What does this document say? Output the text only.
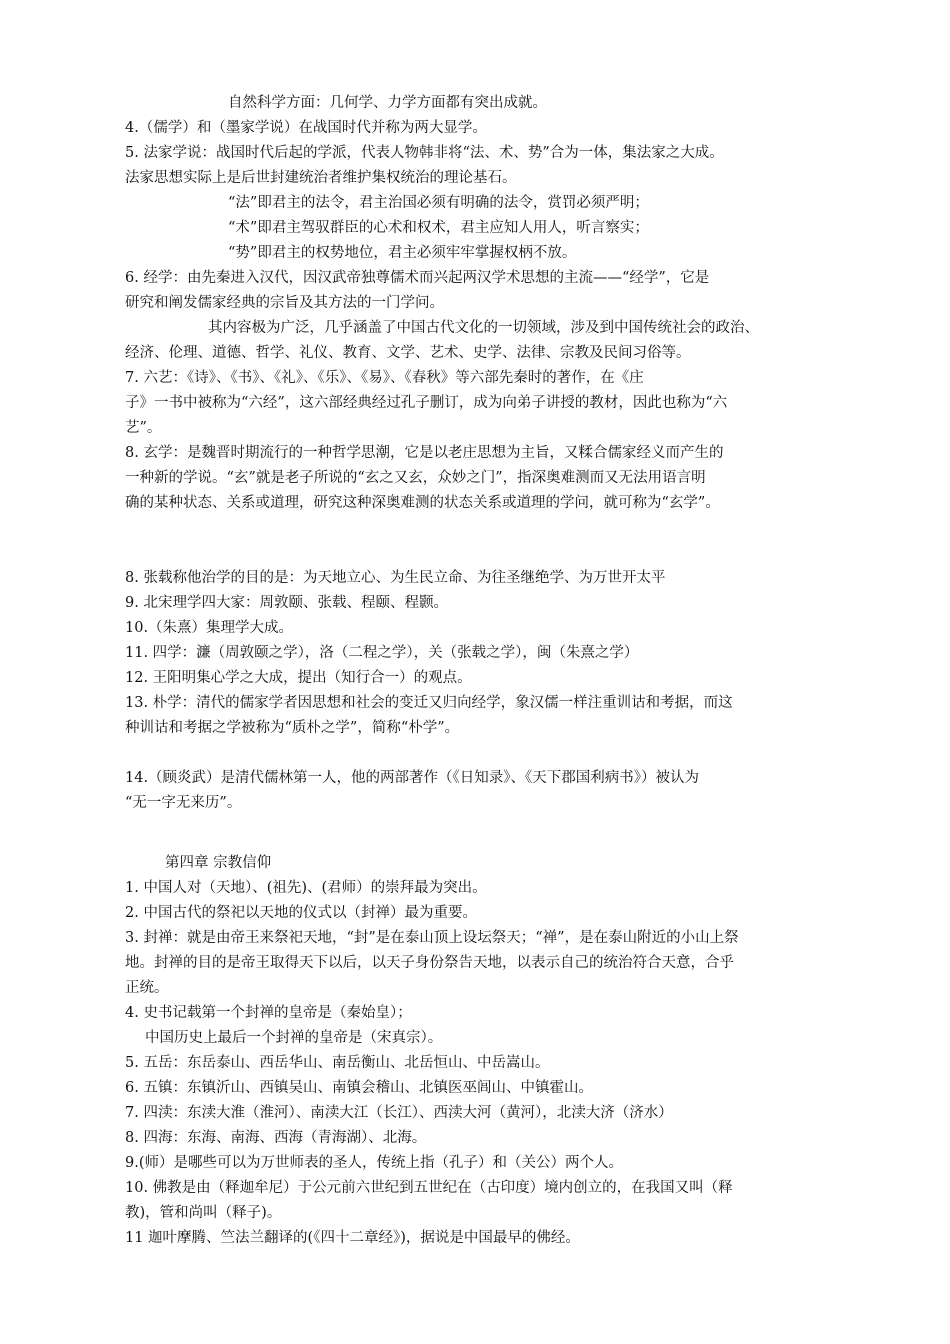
自然科学方面：几何学、力学方面都有突出成就。
4.（儒学）和（墨家学说）在战国时代并称为两大显学。
5. 法家学说：战国时代后起的学派，代表人物韩非将“法、术、势”合为一体，集法家之大成。
法家思想实际上是后世封建统治者维护集权统治的理论基石。
“法”即君主的法令，君主治国必须有明确的法令，赏罚必须严明；
“术”即君主驾驭群臣的心术和权术，君主应知人用人，听言察实；
“势”即君主的权势地位，君主必须牢牢掌握权柄不放。
6. 经学：由先秦进入汉代，因汉武帝独尊儒术而兴起两汉学术思想的主流——“经学”，它是
研究和阐发儒家经典的宗旨及其方法的一门学问。
其内容极为广泛，几乎涵盖了中国古代文化的一切领域，涉及到中国传统社会的政治、
经济、伦理、道德、哲学、礼仪、教育、文学、艺术、史学、法律、宗教及民间习俗等。
7. 六艺：《诗》、《书》、《礼》、《乐》、《易》、《春秋》等六部先秦时的著作，在《庄
子》一书中被称为“六经”，这六部经典经过孔子删订，成为向弟子讲授的教材，因此也称为“六
艺”。
8. 玄学：是魏晋时期流行的一种哲学思潮，它是以老庄思想为主旨，又糅合儒家经义而产生的
一种新的学说。“玄”就是老子所说的“玄之又玄，众妙之门”，指深奥难测而又无法用语言明
确的某种状态、关系或道理，研究这种深奥难测的状态关系或道理的学问，就可称为“玄学”。
8. 张载称他治学的目的是：为天地立心、为生民立命、为往圣继绝学、为万世开太平
9. 北宋理学四大家：周敦颐、张载、程颐、程颢。
10.（朱熹）集理学大成。
11. 四学：濂（周敦颐之学），洛（二程之学），关（张载之学），闽（朱熹之学）
12. 王阳明集心学之大成，提出（知行合一）的观点。
13. 朴学：清代的儒家学者因思想和社会的变迁又归向经学，象汉儒一样注重训诂和考据，而这
种训诂和考据之学被称为“质朴之学”，简称“朴学”。
14.（顾炎武）是清代儒林第一人，他的两部著作（《日知录》、《天下郡国利病书》）被认为
“无一字无来历”。
第四章 宗教信仰
1. 中国人对（天地）、(祖先)、(君师）的崇拜最为突出。
2. 中国古代的祭祀以天地的仪式以（封禅）最为重要。
3. 封禅：就是由帝王来祭祀天地，“封”是在泰山顶上设坛祭天；“禅”，是在泰山附近的小山上祭
地。封禅的目的是帝王取得天下以后，以天子身份祭告天地，以表示自己的统治符合天意，合乎
正统。
4. 史书记载第一个封禅的皇帝是（秦始皇）；
中国历史上最后一个封禅的皇帝是（宋真宗）。
5. 五岳：东岳泰山、西岳华山、南岳衡山、北岳恒山、中岳嵩山。
6. 五镇：东镇沂山、西镇吴山、南镇会稽山、北镇医巫闾山、中镇霍山。
7. 四渎：东渎大淮（淮河）、南渎大江（长江）、西渎大河（黄河），北渎大济（济水）
8. 四海：东海、南海、西海（青海湖）、北海。
9.(师）是哪些可以为万世师表的圣人，传统上指（孔子）和（关公）两个人。
10. 佛教是由（释迦牟尼）于公元前六世纪到五世纪在（古印度）境内创立的，在我国又叫（释
教)，管和尚叫（释子)。
11 迦叶摩腾、竺法兰翻译的(《四十二章经》)，据说是中国最早的佛经。
